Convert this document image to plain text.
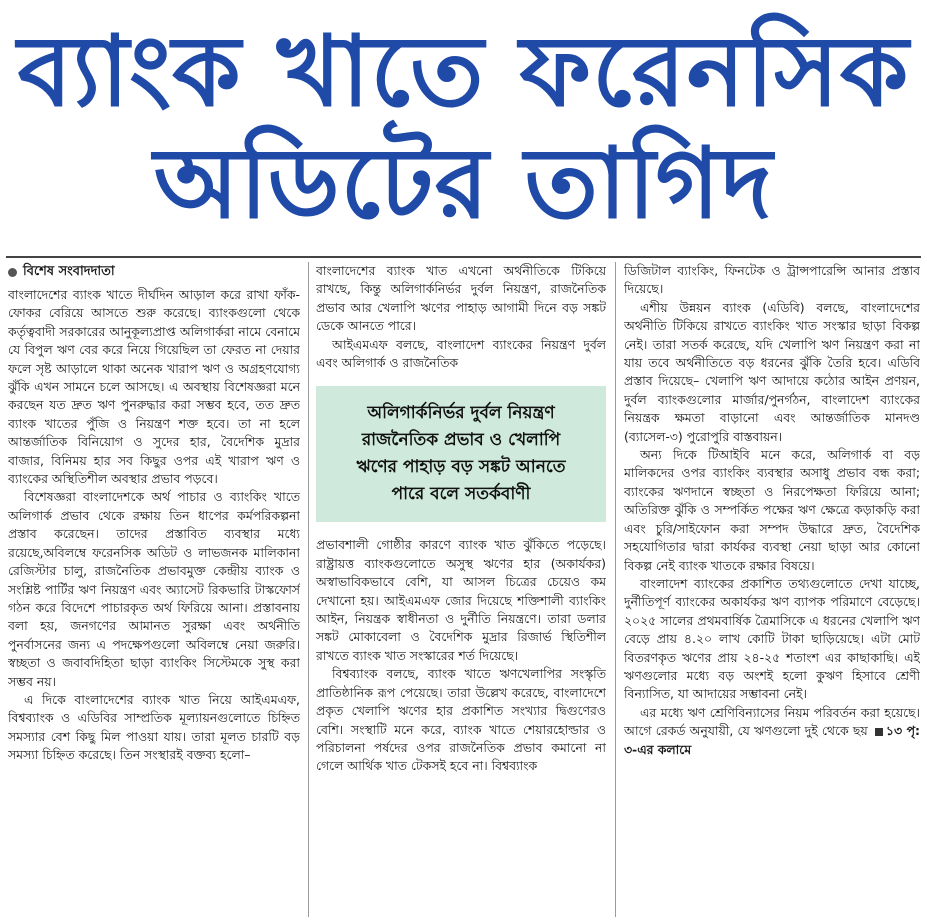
ব্যাংক খাতে ফরেনসিক
অডিটের তাগিদ
বিশেষ সংবাদদাতা

বাংলাদেশের ব্যাংক খাতে দীর্ঘদিন আড়াল করে রাখা ফাঁক-ফোকর বেরিয়ে আসতে শুরু করেছে। ব্যাংকগুলো থেকে কর্তৃত্ববাদী সরকারের আনুকূল্যপ্রাপ্ত অলিগার্করা নামে বেনামে যে বিপুল ঋণ বের করে নিয়ে গিয়েছিল তা ফেরত না দেয়ার ফলে সৃষ্ট আড়ালে থাকা অনেক খারাপ ঋণ ও অগ্রহণযোগ্য ঝুঁকি এখন সামনে চলে আসছে। এ অবস্থায় বিশেষজ্ঞরা মনে করছেন যত দ্রুত ঋণ পুনরুদ্ধার করা সম্ভব হবে, তত দ্রুত ব্যাংক খাতের পুঁজি ও নিয়ন্ত্রণ শক্ত হবে। তা না হলে আন্তর্জাতিক বিনিয়োগ ও সুদের হার, বৈদেশিক মুদ্রার বাজার, বিনিময় হার সব কিছুর ওপর এই খারাপ ঋণ ও ব্যাংকের অস্থিতিশীল অবস্থার প্রভাব পড়বে।

বিশেষজ্ঞরা বাংলাদেশকে অর্থ পাচার ও ব্যাংকিং খাতে অলিগার্ক প্রভাব থেকে রক্ষায় তিন ধাপের কর্মপরিকল্পনা প্রস্তাব করেছেন। তাদের প্রস্তাবিত ব্যবস্থার মধ্যে রয়েছে,অবিলম্বে ফরেনসিক অডিট ও লাভজনক মালিকানা রেজিস্টার চালু, রাজনৈতিক প্রভাবমুক্ত কেন্দ্রীয় ব্যাংক ও সংশ্লিষ্ট পার্টির ঋণ নিয়ন্ত্রণ এবং অ্যাসেট রিকভারি টাস্কফোর্স গঠন করে বিদেশে পাচারকৃত অর্থ ফিরিয়ে আনা। প্রস্তাবনায় বলা হয়, জনগণের আমানত সুরক্ষা এবং অর্থনীতি পুনর্বাসনের জন্য এ পদক্ষেপগুলো অবিলম্বে নেয়া জরুরি। স্বচ্ছতা ও জবাবদিহিতা ছাড়া ব্যাংকিং সিস্টেমকে সুস্থ করা সম্ভব নয়।

এ দিকে বাংলাদেশের ব্যাংক খাত নিয়ে আইএমএফ, বিশ্বব্যাংক ও এডিবির সাম্প্রতিক মূল্যায়নগুলোতে চিহ্নিত সমস্যার বেশ কিছু মিল পাওয়া যায়। তারা মূলত চারটি বড় সমস্যা চিহ্নিত করেছে। তিন সংস্থারই বক্তব্য হলো–

বাংলাদেশের ব্যাংক খাত এখনো অর্থনীতিকে টিকিয়ে রাখছে, কিন্তু অলিগার্কনির্ভর দুর্বল নিয়ন্ত্রণ, রাজনৈতিক প্রভাব আর খেলাপি ঋণের পাহাড় আগামী দিনে বড় সঙ্কট ডেকে আনতে পারে।

আইএমএফ বলছে, বাংলাদেশ ব্যাংকের নিয়ন্ত্রণ দুর্বল এবং অলিগার্ক ও রাজনৈতিক

অলিগার্কনির্ভর দুর্বল নিয়ন্ত্রণ
রাজনৈতিক প্রভাব ও খেলাপি
ঋণের পাহাড় বড় সঙ্কট আনতে
পারে বলে সতর্কবাণী

প্রভাবশালী গোষ্ঠীর কারণে ব্যাংক খাত ঝুঁকিতে পড়েছে। রাষ্ট্রায়ত্ত ব্যাংকগুলোতে অসুস্থ ঋণের হার (অকার্যকর) অস্বাভাবিকভাবে বেশি, যা আসল চিত্রের চেয়েও কম দেখানো হয়। আইএমএফ জোর দিয়েছে শক্তিশালী ব্যাংকিং আইন, নিয়ন্ত্রক স্বাধীনতা ও দুর্নীতি নিয়ন্ত্রণে। তারা ডলার সঙ্কট মোকাবেলা ও বৈদেশিক মুদ্রার রিজার্ভ স্থিতিশীল রাখতে ব্যাংক খাত সংস্কারের শর্ত দিয়েছে।

বিশ্বব্যাংক বলছে, ব্যাংক খাতে ঋণখেলাপির সংস্কৃতি প্রাতিষ্ঠানিক রূপ পেয়েছে। তারা উল্লেখ করেছে, বাংলাদেশে প্রকৃত খেলাপি ঋণের হার প্রকাশিত সংখ্যার দ্বিগুণেরও বেশি। সংস্থাটি মনে করে, ব্যাংক খাতে শেয়ারহোল্ডার ও পরিচালনা পর্ষদের ওপর রাজনৈতিক প্রভাব কমানো না গেলে আর্থিক খাত টেকসই হবে না। বিশ্বব্যাংক

ডিজিটাল ব্যাংকিং, ফিনটেক ও ট্রান্সপারেন্সি আনার প্রস্তাব দিয়েছে।

এশীয় উন্নয়ন ব্যাংক (এডিবি) বলছে, বাংলাদেশের অর্থনীতি টিকিয়ে রাখতে ব্যাংকিং খাত সংস্কার ছাড়া বিকল্প নেই। তারা সতর্ক করেছে, যদি খেলাপি ঋণ নিয়ন্ত্রণ করা না যায় তবে অর্থনীতিতে বড় ধরনের ঝুঁকি তৈরি হবে। এডিবি প্রস্তাব দিয়েছে– খেলাপি ঋণ আদায়ে কঠোর আইন প্রণয়ন, দুর্বল ব্যাংকগুলোর মার্জার/পুনর্গঠন, বাংলাদেশ ব্যাংকের নিয়ন্ত্রক ক্ষমতা বাড়ানো এবং আন্তর্জাতিক মানদণ্ড (ব্যাসেল-৩) পুরোপুরি বাস্তবায়ন।

অন্য দিকে টিআইবি মনে করে, অলিগার্ক বা বড় মালিকদের ওপর ব্যাংকিং ব্যবস্থার অসাধু প্রভাব বন্ধ করা; ব্যাংকের ঋণদানে স্বচ্ছতা ও নিরপেক্ষতা ফিরিয়ে আনা; অতিরিক্ত ঝুঁকি ও সম্পর্কিত পক্ষের ঋণ ক্ষেত্রে কড়াকড়ি করা এবং চুরি/সাইফোন করা সম্পদ উদ্ধারে দ্রুত, বৈদেশিক সহযোগিতার দ্বারা কার্যকর ব্যবস্থা নেয়া ছাড়া আর কোনো বিকল্প নেই ব্যাংক খাতকে রক্ষার বিষয়ে।

বাংলাদেশ ব্যাংকের প্রকাশিত তথ্যগুলোতে দেখা যাচ্ছে, দুর্নীতিপূর্ণ ব্যাংকের অকার্যকর ঋণ ব্যাপক পরিমাণে বেড়েছে। ২০২৫ সালের প্রথমবার্ষিক ত্রৈমাসিকে এ ধরনের খেলাপি ঋণ বেড়ে প্রায় ৪.২০ লাখ কোটি টাকা ছাড়িয়েছে। এটা মোট বিতরণকৃত ঋণের প্রায় ২৪-২৫ শতাংশ এর কাছাকাছি। এই ঋণগুলোর মধ্যে বড় অংশই হলো কুঋণ হিসাবে শ্রেণী বিন্যাসিত, যা আদায়ের সম্ভাবনা নেই।

এর মধ্যে ঋণ শ্রেণিবিন্যাসের নিয়ম পরিবর্তন করা হয়েছে। আগে রেকর্ড অনুযায়ী, যে ঋণগুলো দুই থেকে ছয় ১৩ পৃ: ৩-এর কলামে
